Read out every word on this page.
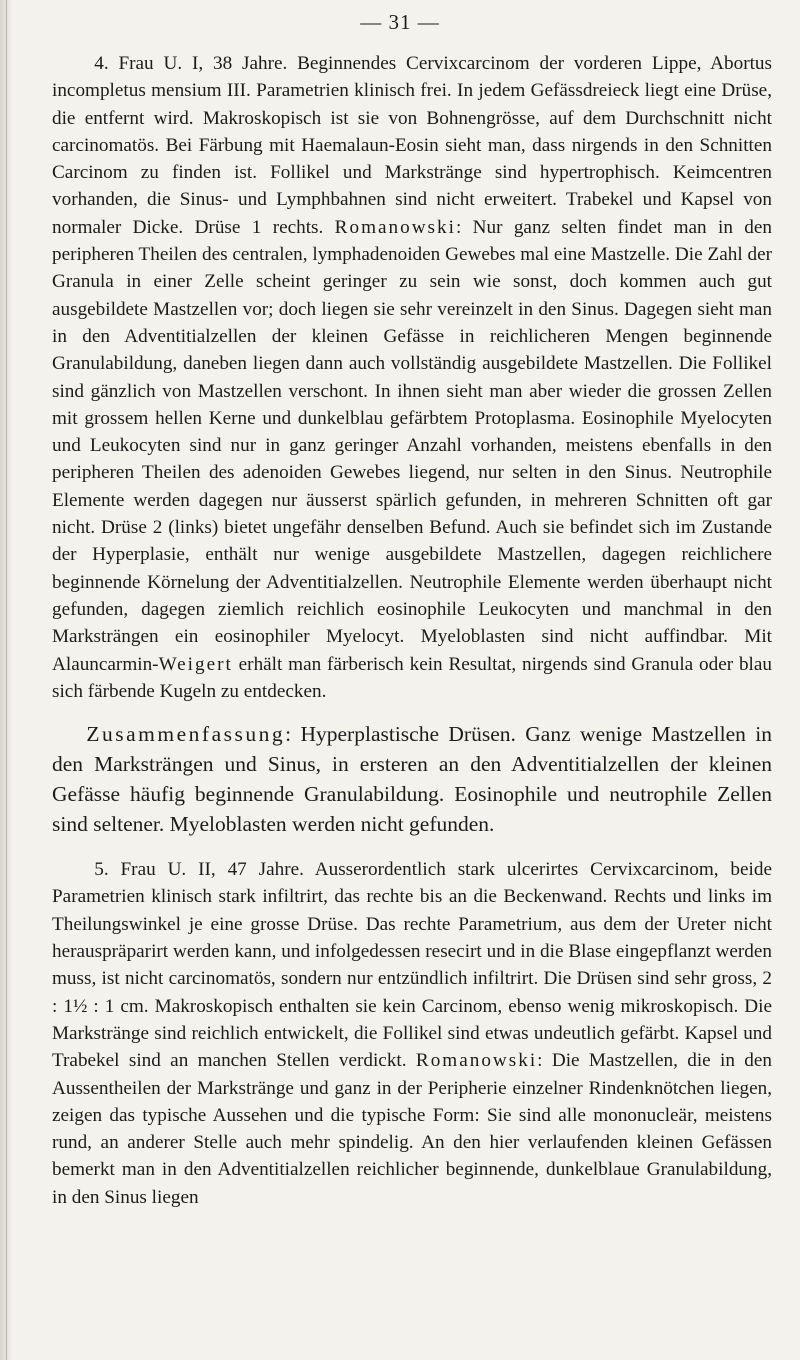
— 31 —

4. Frau U. I, 38 Jahre. Beginnendes Cervixcarcinom der vorderen Lippe, Abortus incompletus mensium III. Parametrien klinisch frei. In jedem Gefässdreieck liegt eine Drüse, die entfernt wird. Makroskopisch ist sie von Bohnengrösse, auf dem Durchschnitt nicht carcinomatös. Bei Färbung mit Haemalaun-Eosin sieht man, dass nirgends in den Schnitten Carcinom zu finden ist. Follikel und Markstränge sind hypertrophisch. Keimcentren vorhanden, die Sinus- und Lymphbahnen sind nicht erweitert. Trabekel und Kapsel von normaler Dicke. Drüse 1 rechts. Romanowski: Nur ganz selten findet man in den peripheren Theilen des centralen, lymphadenoiden Gewebes mal eine Mastzelle. Die Zahl der Granula in einer Zelle scheint geringer zu sein wie sonst, doch kommen auch gut ausgebildete Mastzellen vor; doch liegen sie sehr vereinzelt in den Sinus. Dagegen sieht man in den Adventitialzellen der kleinen Gefässe in reichlicheren Mengen beginnende Granulabildung, daneben liegen dann auch vollständig ausgebildete Mastzellen. Die Follikel sind gänzlich von Mastzellen verschont. In ihnen sieht man aber wieder die grossen Zellen mit grossem hellen Kerne und dunkelblau gefärbtem Protoplasma. Eosinophile Myelocyten und Leukocyten sind nur in ganz geringer Anzahl vorhanden, meistens ebenfalls in den peripheren Theilen des adenoiden Gewebes liegend, nur selten in den Sinus. Neutrophile Elemente werden dagegen nur äusserst spärlich gefunden, in mehreren Schnitten oft gar nicht. Drüse 2 (links) bietet ungefähr denselben Befund. Auch sie befindet sich im Zustande der Hyperplasie, enthält nur wenige ausgebildete Mastzellen, dagegen reichlichere beginnende Körnelung der Adventitialzellen. Neutrophile Elemente werden überhaupt nicht gefunden, dagegen ziemlich reichlich eosinophile Leukocyten und manchmal in den Marksträngen ein eosinophiler Myelocyt. Myeloblasten sind nicht auffindbar. Mit Alauncarmin-Weigert erhält man färberisch kein Resultat, nirgends sind Granula oder blau sich färbende Kugeln zu entdecken.

Zusammenfassung: Hyperplastische Drüsen. Ganz wenige Mastzellen in den Marksträngen und Sinus, in ersteren an den Adventitialzellen der kleinen Gefässe häufig beginnende Granulabildung. Eosinophile und neutrophile Zellen sind seltener. Myeloblasten werden nicht gefunden.

5. Frau U. II, 47 Jahre. Ausserordentlich stark ulcerirtes Cervixcarcinom, beide Parametrien klinisch stark infiltrirt, das rechte bis an die Beckenwand. Rechts und links im Theilungswinkel je eine grosse Drüse. Das rechte Parametrium, aus dem der Ureter nicht herauspräparirt werden kann, und infolgedessen resecirt und in die Blase eingepflanzt werden muss, ist nicht carcinomatös, sondern nur entzündlich infiltrirt. Die Drüsen sind sehr gross, 2 : 1½ : 1 cm. Makroskopisch enthalten sie kein Carcinom, ebenso wenig mikroskopisch. Die Markstränge sind reichlich entwickelt, die Follikel sind etwas undeutlich gefärbt. Kapsel und Trabekel sind an manchen Stellen verdickt. Romanowski: Die Mastzellen, die in den Aussentheilen der Markstränge und ganz in der Peripherie einzelner Rindenknötchen liegen, zeigen das typische Aussehen und die typische Form: Sie sind alle mononucleär, meistens rund, an anderer Stelle auch mehr spindelig. An den hier verlaufenden kleinen Gefässen bemerkt man in den Adventitialzellen reichlicher beginnende, dunkelblaue Granulabildung, in den Sinus liegen
